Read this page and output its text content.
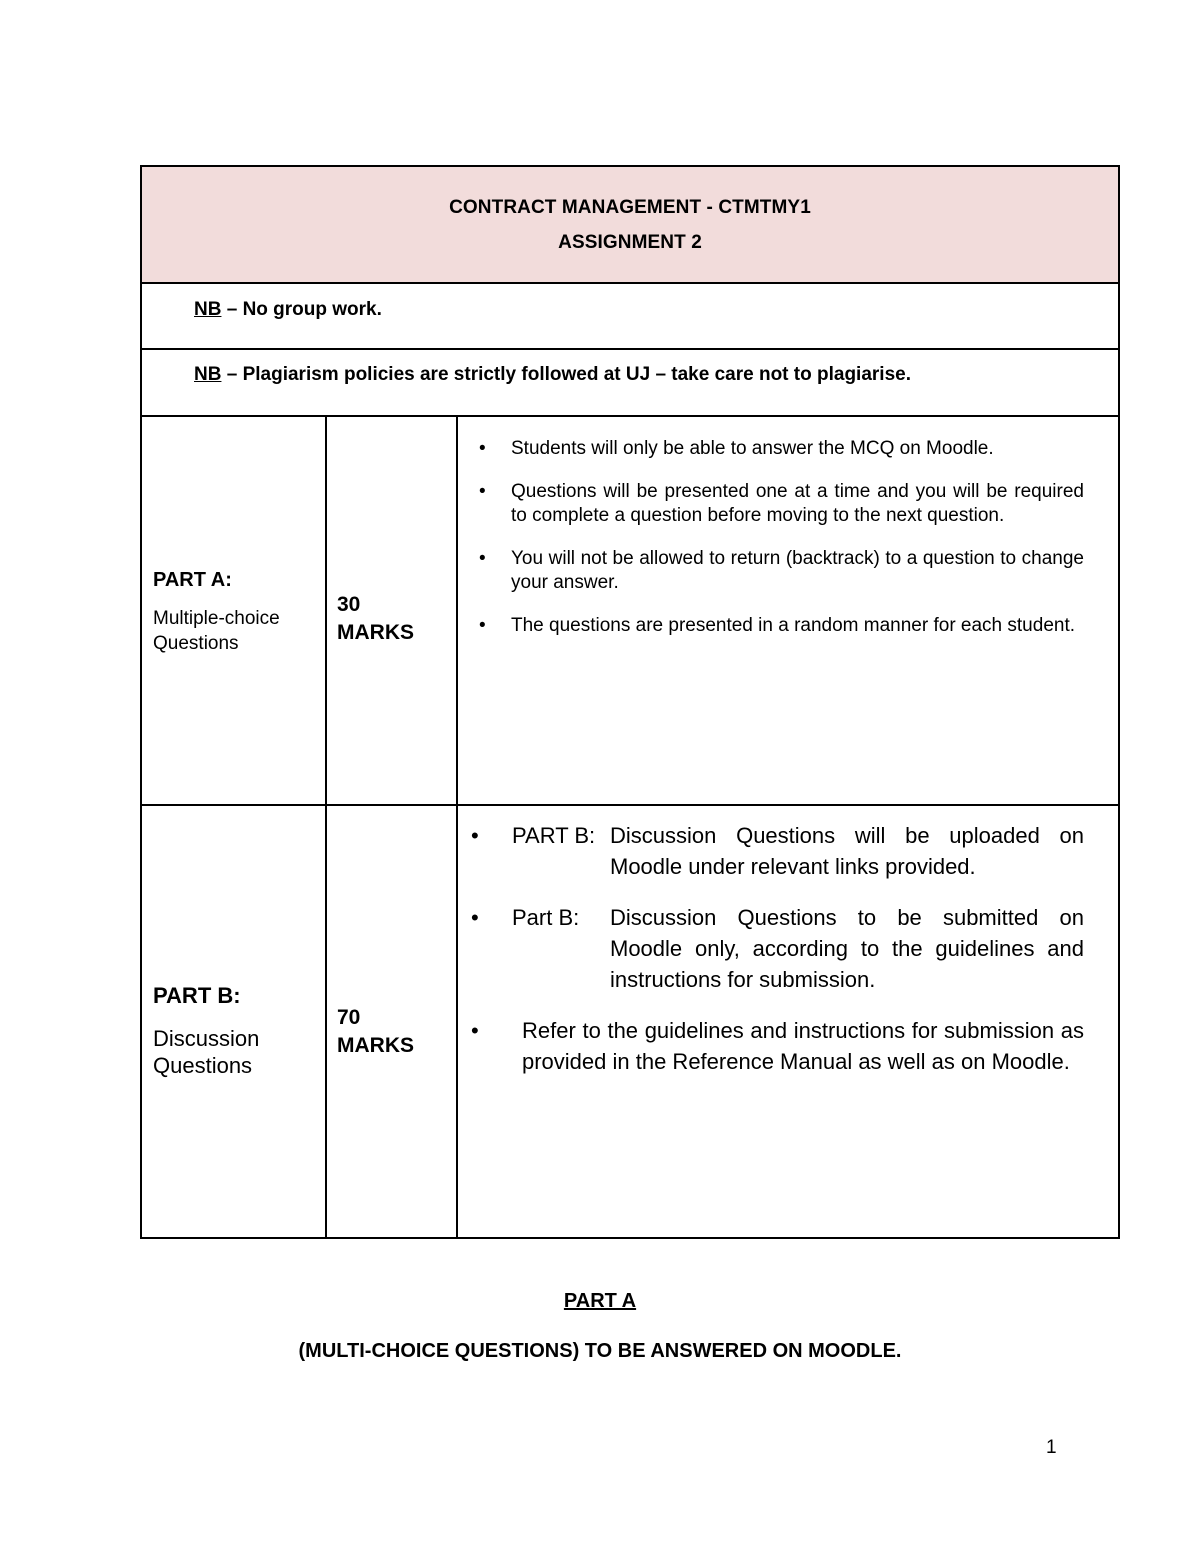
CONTRACT MANAGEMENT - CTMTMY1
ASSIGNMENT 2
NB – No group work.
NB – Plagiarism policies are strictly followed at UJ – take care not to plagiarise.
PART A:
Multiple-choice
Questions
30
MARKS
• Students will only be able to answer the MCQ on Moodle.
• Questions will be presented one at a time and you will be required to complete a question before moving to the next question.
• You will not be allowed to return (backtrack) to a question to change your answer.
• The questions are presented in a random manner for each student.
PART B:
Discussion
Questions
70
MARKS
• PART B: Discussion Questions will be uploaded on Moodle under relevant links provided.
• Part B:	Discussion Questions to be submitted on Moodle only, according to the guidelines and instructions for submission.
• Refer to the guidelines and instructions for submission as provided in the Reference Manual as well as on Moodle.
PART A
(MULTI-CHOICE QUESTIONS) TO BE ANSWERED ON MOODLE.
1
